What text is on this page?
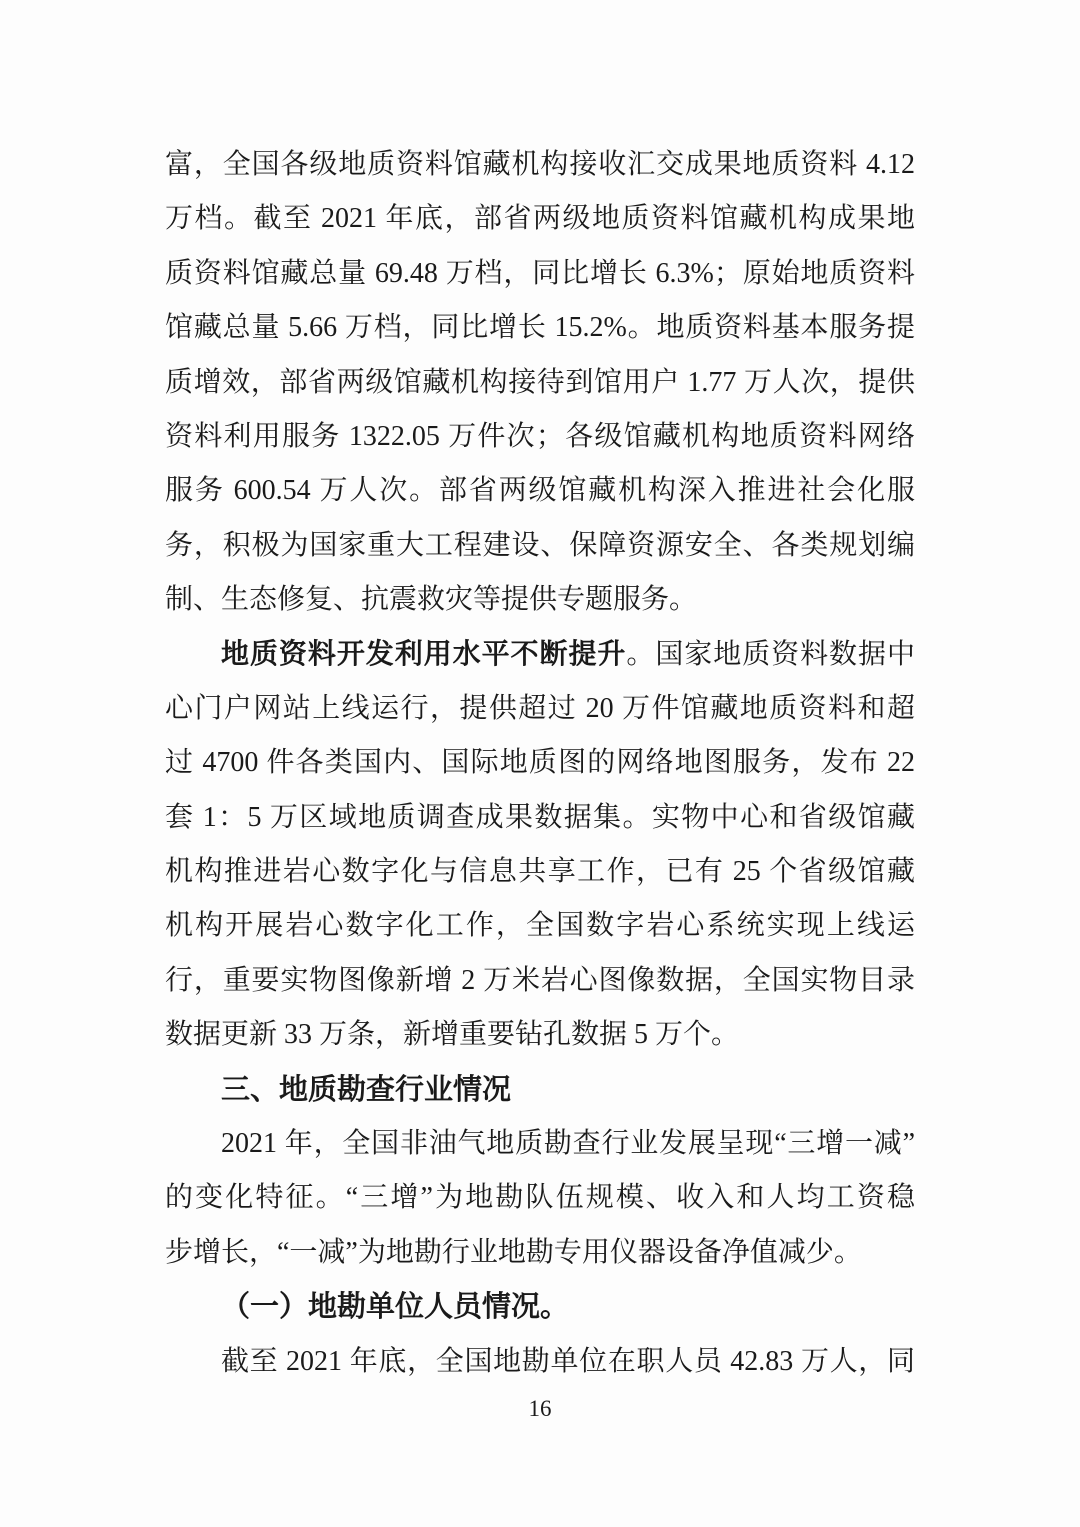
富，全国各级地质资料馆藏机构接收汇交成果地质资料 4.12
万档。截至 2021 年底，部省两级地质资料馆藏机构成果地
质资料馆藏总量 69.48 万档，同比增长 6.3%；原始地质资料
馆藏总量 5.66 万档，同比增长 15.2%。地质资料基本服务提
质增效，部省两级馆藏机构接待到馆用户 1.77 万人次，提供
资料利用服务 1322.05 万件次；各级馆藏机构地质资料网络
服务 600.54 万人次。部省两级馆藏机构深入推进社会化服
务，积极为国家重大工程建设、保障资源安全、各类规划编
制、生态修复、抗震救灾等提供专题服务。
地质资料开发利用水平不断提升。国家地质资料数据中
心门户网站上线运行，提供超过 20 万件馆藏地质资料和超
过 4700 件各类国内、国际地质图的网络地图服务，发布 22
套 1：5 万区域地质调查成果数据集。实物中心和省级馆藏
机构推进岩心数字化与信息共享工作，已有 25 个省级馆藏
机构开展岩心数字化工作，全国数字岩心系统实现上线运
行，重要实物图像新增 2 万米岩心图像数据，全国实物目录
数据更新 33 万条，新增重要钻孔数据 5 万个。
三、地质勘查行业情况
2021 年，全国非油气地质勘查行业发展呈现“三增一减”
的变化特征。“三增”为地勘队伍规模、收入和人均工资稳
步增长，“一减”为地勘行业地勘专用仪器设备净值减少。
（一）地勘单位人员情况。
截至 2021 年底，全国地勘单位在职人员 42.83 万人，同
16
